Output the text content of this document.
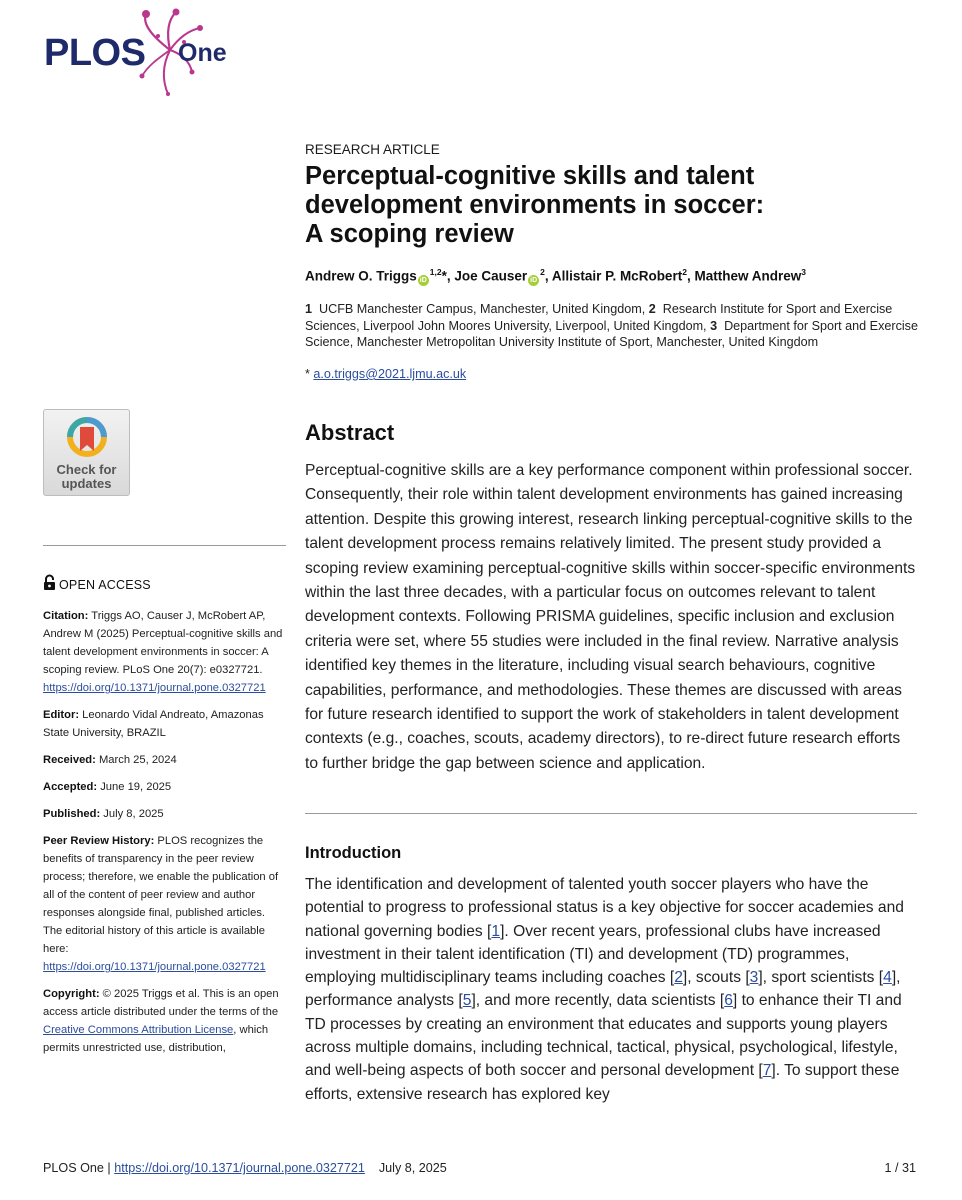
PLOS One
RESEARCH ARTICLE
Perceptual-cognitive skills and talent
development environments in soccer:
A scoping review
Andrew O. Triggs iD$^{1,2}$*, Joe Causer $iD^2$, Allistair P. McRobert$^2$, Matthew Andrew$^3$
1 UCFB Manchester Campus, Manchester, United Kingdom, 2 Research Institute for Sport and Exercise Sciences, Liverpool John Moores University, Liverpool, United Kingdom, 3 Department for Sport and Exercise Science, Manchester Metropolitan University Institute of Sport, Manchester, United Kingdom
* a.o.triggs@2021.ljmu.ac.uk
Check for
updates
OPEN ACCESS

Citation: Triggs AO, Causer J, McRobert AP, Andrew M (2025) Perceptual-cognitive skills and talent development environments in soccer: A scoping review. PLoS One 20(7): e0327721. https://doi.org/10.1371/journal.pone.0327721

Editor: Leonardo Vidal Andreato, Amazonas State University, BRAZIL

Received: March 25, 2024

Accepted: June 19, 2025

Published: July 8, 2025

Peer Review History: PLOS recognizes the benefits of transparency in the peer review process; therefore, we enable the publication of all of the content of peer review and author responses alongside final, published articles. The editorial history of this article is available here: https://doi.org/10.1371/journal.pone.0327721

Copyright: © 2025 Triggs et al. This is an open access article distributed under the terms of the Creative Commons Attribution License, which permits unrestricted use, distribution,

Abstract

Perceptual-cognitive skills are a key performance component within professional soccer. Consequently, their role within talent development environments has gained increasing attention. Despite this growing interest, research linking perceptual-cognitive skills to the talent development process remains relatively limited. The present study provided a scoping review examining perceptual-cognitive skills within soccer-specific environments within the last three decades, with a particular focus on outcomes relevant to talent development contexts. Following PRISMA guidelines, specific inclusion and exclusion criteria were set, where 55 studies were included in the final review. Narrative analysis identified key themes in the literature, including visual search behaviours, cognitive capabilities, performance, and methodologies. These themes are discussed with areas for future research identified to support the work of stakeholders in talent development contexts (e.g., coaches, scouts, academy directors), to re-direct future research efforts to further bridge the gap between science and application.

Introduction

The identification and development of talented youth soccer players who have the potential to progress to professional status is a key objective for soccer academies and national governing bodies [1]. Over recent years, professional clubs have increased investment in their talent identification (TI) and development (TD) programmes, employing multidisciplinary teams including coaches [2], scouts [3], sport scientists [4], performance analysts [5], and more recently, data scientists [6] to enhance their TI and TD processes by creating an environment that educates and supports young players across multiple domains, including technical, tactical, physical, psychological, lifestyle, and well-being aspects of both soccer and personal development [7]. To support these efforts, extensive research has explored key

PLOS One | https://doi.org/10.1371/journal.pone.0327721 July 8, 2025	1 / 31
